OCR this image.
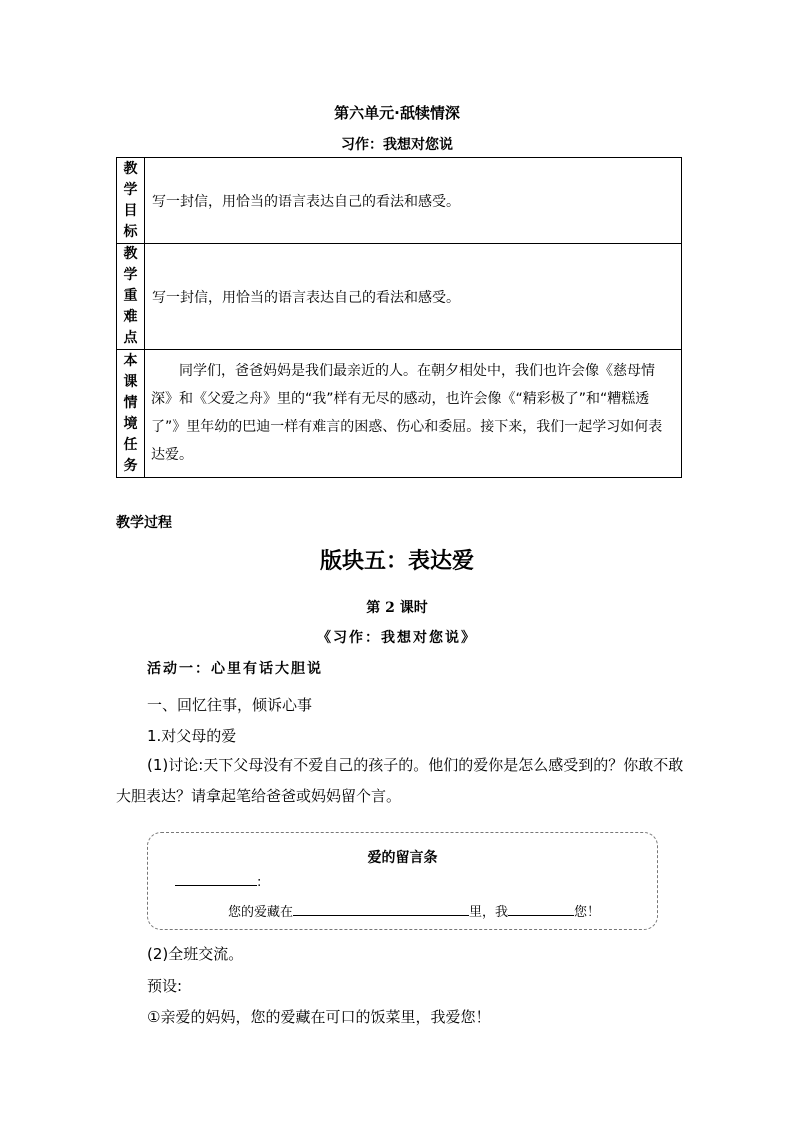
第六单元·舐犊情深
习作：我想对您说
教学目标	写一封信，用恰当的语言表达自己的看法和感受。
教学重难点	写一封信，用恰当的语言表达自己的看法和感受。
本课情境任务	同学们，爸爸妈妈是我们最亲近的人。在朝夕相处中，我们也许会像《慈母情深》和《父爱之舟》里的“我”样有无尽的感动，也许会像《“精彩极了”和“糟糕透了”》里年幼的巴迪一样有难言的困惑、伤心和委屈。接下来，我们一起学习如何表达爱。
教学过程
版块五：表达爱
第 2 课时
《习作：我想对您说》
活动一：心里有话大胆说
一、回忆往事，倾诉心事
1.对父母的爱
(1)讨论:天下父母没有不爱自己的孩子的。他们的爱你是怎么感受到的？你敢不敢大胆表达？请拿起笔给爸爸或妈妈留个言。
爱的留言条
:
您的爱藏在	里，我	您！
(2)全班交流。
预设:
①亲爱的妈妈，您的爱藏在可口的饭菜里，我爱您！
